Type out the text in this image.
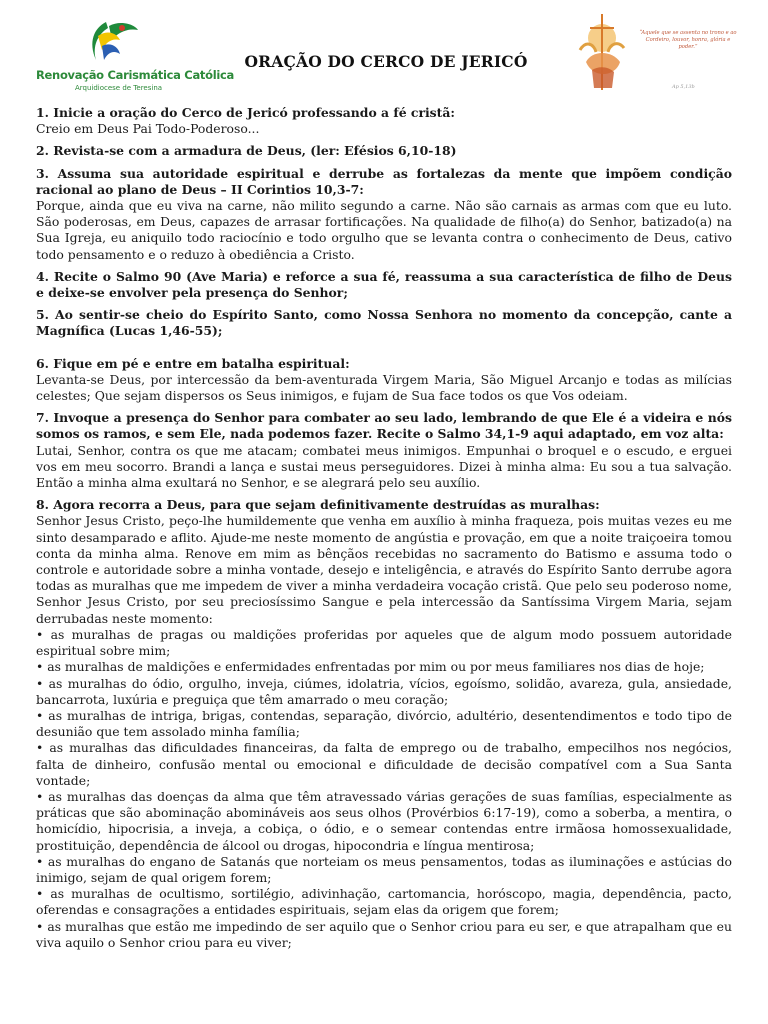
Renovação Carismática Católica
Arquidiocese de Teresina
ORAÇÃO DO CERCO DE JERICÓ
“Aquele que se assenta no trono e ao Cordeiro, louvor, honra, glória e poder.”
Ap 5,13b
1. Inicie a oração do Cerco de Jericó professando a fé cristã:
Creio em Deus Pai Todo-Poderoso...
2. Revista-se com a armadura de Deus, (ler: Efésios 6,10-18)
3. Assuma sua autoridade espiritual e derrube as fortalezas da mente que impõem condição racional ao plano de Deus – II Corintios 10,3-7:
Porque, ainda que eu viva na carne, não milito segundo a carne. Não são carnais as armas com que eu luto. São poderosas, em Deus, capazes de arrasar fortificações. Na qualidade de filho(a) do Senhor, batizado(a) na Sua Igreja, eu aniquilo todo raciocínio e todo orgulho que se levanta contra o conhecimento de Deus, cativo todo pensamento e o reduzo à obediência a Cristo.
4. Recite o Salmo 90 (Ave Maria) e reforce a sua fé, reassuma a sua característica de filho de Deus e deixe-se envolver pela presença do Senhor;
5. Ao sentir-se cheio do Espírito Santo, como Nossa Senhora no momento da concepção, cante a Magnífica (Lucas 1,46-55);
6. Fique em pé e entre em batalha espiritual:
Levanta-se Deus, por intercessão da bem-aventurada Virgem Maria, São Miguel Arcanjo e todas as milícias celestes; Que sejam dispersos os Seus inimigos, e fujam de Sua face todos os que Vos odeiam.
7. Invoque a presença do Senhor para combater ao seu lado, lembrando de que Ele é a videira e nós somos os ramos, e sem Ele, nada podemos fazer. Recite o Salmo 34,1-9 aqui adaptado, em voz alta:
Lutai, Senhor, contra os que me atacam; combatei meus inimigos. Empunhai o broquel e o escudo, e erguei vos em meu socorro. Brandi a lança e sustai meus perseguidores. Dizei à minha alma: Eu sou a tua salvação. Então a minha alma exultará no Senhor, e se alegrará pelo seu auxílio.
8. Agora recorra a Deus, para que sejam definitivamente destruídas as muralhas:
Senhor Jesus Cristo, peço-lhe humildemente que venha em auxílio à minha fraqueza, pois muitas vezes eu me sinto desamparado e aflito. Ajude-me neste momento de angústia e provação, em que a noite traiçoeira tomou conta da minha alma. Renove em mim as bênçãos recebidas no sacramento do Batismo e assuma todo o controle e autoridade sobre a minha vontade, desejo e inteligência, e através do Espírito Santo derrube agora todas as muralhas que me impedem de viver a minha verdadeira vocação cristã. Que pelo seu poderoso nome, Senhor Jesus Cristo, por seu preciosíssimo Sangue e pela intercessão da Santíssima Virgem Maria, sejam derrubadas neste momento:
• as muralhas de pragas ou maldições proferidas por aqueles que de algum modo possuem autoridade espiritual sobre mim;
• as muralhas de maldições e enfermidades enfrentadas por mim ou por meus familiares nos dias de hoje;
• as muralhas do ódio, orgulho, inveja, ciúmes, idolatria, vícios, egoísmo, solidão, avareza, gula, ansiedade, bancarrota, luxúria e preguiça que têm amarrado o meu coração;
• as muralhas de intriga, brigas, contendas, separação, divórcio, adultério, desentendimentos e todo tipo de desunião que tem assolado minha família;
• as muralhas das dificuldades financeiras, da falta de emprego ou de trabalho, empecilhos nos negócios, falta de dinheiro, confusão mental ou emocional e dificuldade de decisão compatível com a Sua Santa vontade;
• as muralhas das doenças da alma que têm atravessado várias gerações de suas famílias, especialmente as práticas que são abominação abomináveis aos seus olhos (Provérbios 6:17-19), como a soberba, a mentira, o homicídio, hipocrisia, a inveja, a cobiça, o ódio, e o semear contendas entre irmãosa homossexualidade, prostituição, dependência de álcool ou drogas, hipocondria e língua mentirosa;
• as muralhas do engano de Satanás que norteiam os meus pensamentos, todas as iluminações e astúcias do inimigo, sejam de qual origem forem;
• as muralhas de ocultismo, sortilégio, adivinhação, cartomancia, horóscopo, magia, dependência, pacto, oferendas e consagrações a entidades espirituais, sejam elas da origem que forem;
• as muralhas que estão me impedindo de ser aquilo que o Senhor criou para eu ser, e que atrapalham que eu viva aquilo o Senhor criou para eu viver;
